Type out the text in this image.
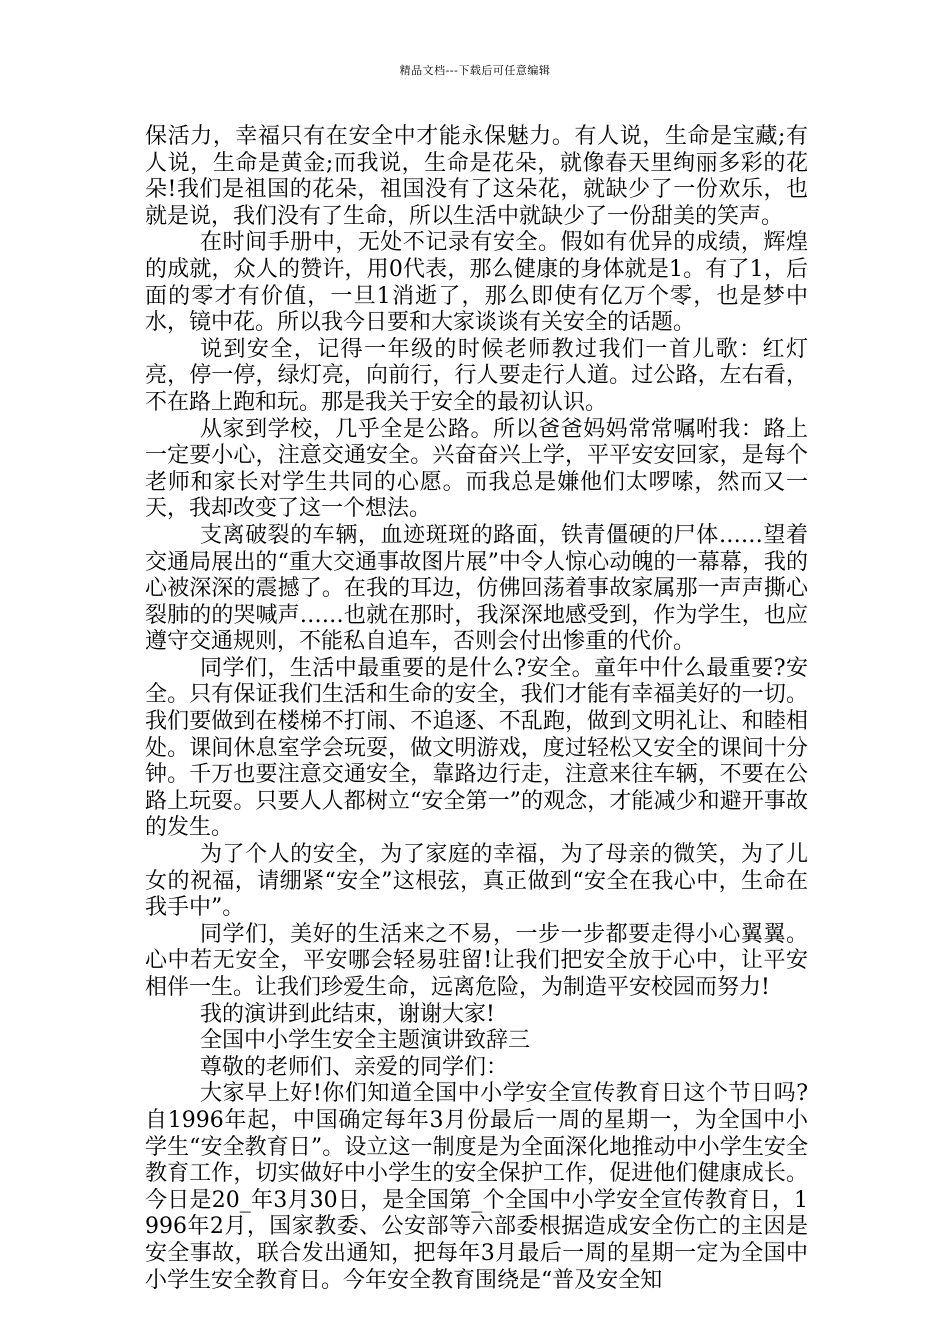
精品文档---下载后可任意编辑

保活力，幸福只有在安全中才能永保魅力。有人说，生命是宝藏;有人说，生命是黄金;而我说，生命是花朵，就像春天里绚丽多彩的花朵!我们是祖国的花朵，祖国没有了这朵花，就缺少了一份欢乐，也就是说，我们没有了生命，所以生活中就缺少了一份甜美的笑声。

在时间手册中，无处不记录有安全。假如有优异的成绩，辉煌的成就，众人的赞许，用0代表，那么健康的身体就是1。有了1，后面的零才有价值，一旦1消逝了，那么即使有亿万个零，也是梦中水，镜中花。所以我今日要和大家谈谈有关安全的话题。

说到安全，记得一年级的时候老师教过我们一首儿歌：红灯亮，停一停，绿灯亮，向前行，行人要走行人道。过公路，左右看，不在路上跑和玩。那是我关于安全的最初认识。

从家到学校，几乎全是公路。所以爸爸妈妈常常嘱咐我：路上一定要小心，注意交通安全。兴奋奋兴上学，平平安安回家，是每个老师和家长对学生共同的心愿。而我总是嫌他们太啰嗦，然而又一天，我却改变了这一个想法。

支离破裂的车辆，血迹斑斑的路面，铁青僵硬的尸体……望着交通局展出的“重大交通事故图片展”中令人惊心动魄的一幕幕，我的心被深深的震撼了。在我的耳边，仿佛回荡着事故家属那一声声撕心裂肺的的哭喊声……也就在那时，我深深地感受到，作为学生，也应遵守交通规则，不能私自追车，否则会付出惨重的代价。

同学们，生活中最重要的是什么?安全。童年中什么最重要?安全。只有保证我们生活和生命的安全，我们才能有幸福美好的一切。我们要做到在楼梯不打闹、不追逐、不乱跑，做到文明礼让、和睦相处。课间休息室学会玩耍，做文明游戏，度过轻松又安全的课间十分钟。千万也要注意交通安全，靠路边行走，注意来往车辆，不要在公路上玩耍。只要人人都树立“安全第一”的观念，才能减少和避开事故的发生。

为了个人的安全，为了家庭的幸福，为了母亲的微笑，为了儿女的祝福，请绷紧“安全”这根弦，真正做到“安全在我心中，生命在我手中”。

同学们，美好的生活来之不易，一步一步都要走得小心翼翼。心中若无安全，平安哪会轻易驻留!让我们把安全放于心中，让平安相伴一生。让我们珍爱生命，远离危险，为制造平安校园而努力!

我的演讲到此结束，谢谢大家!

全国中小学生安全主题演讲致辞三

尊敬的老师们、亲爱的同学们：

大家早上好!你们知道全国中小学安全宣传教育日这个节日吗?自1996年起，中国确定每年3月份最后一周的星期一，为全国中小学生“安全教育日”。设立这一制度是为全面深化地推动中小学生安全教育工作，切实做好中小学生的安全保护工作，促进他们健康成长。今日是20_年3月30日，是全国第_个全国中小学安全宣传教育日，1996年2月，国家教委、公安部等六部委根据造成安全伤亡的主因是安全事故，联合发出通知，把每年3月最后一周的星期一定为全国中小学生安全教育日。今年安全教育围绕是“普及安全知
